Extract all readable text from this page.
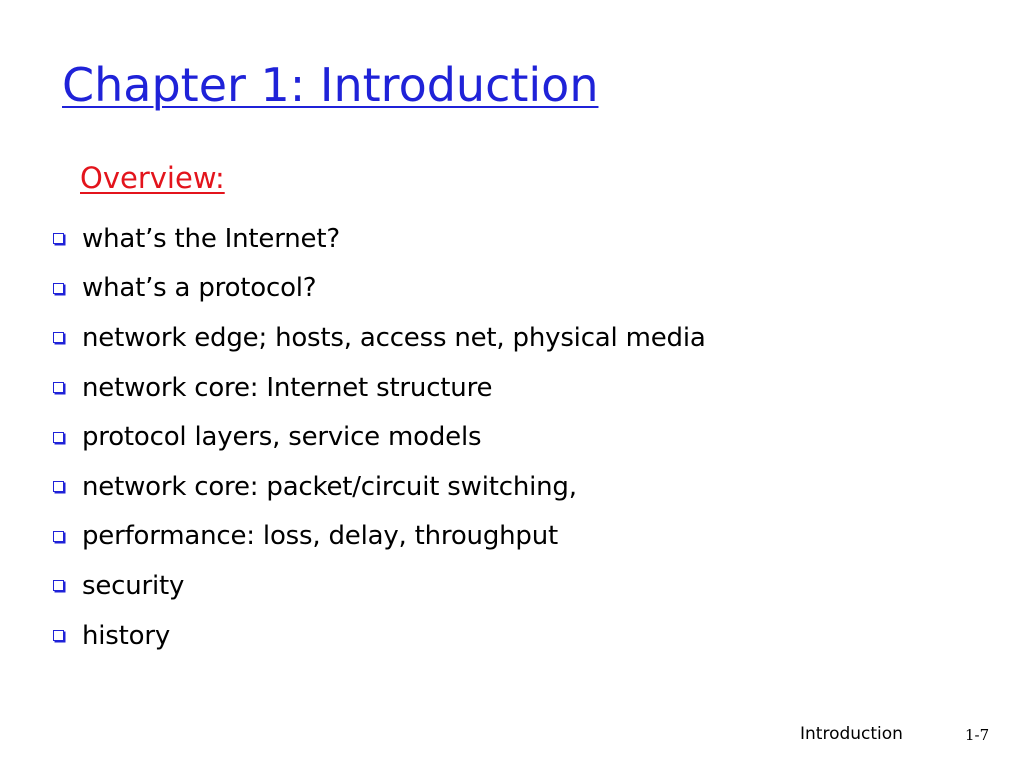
Chapter 1: Introduction
Overview:
what’s the Internet?
what’s a protocol?
network edge; hosts, access net, physical media
network core: Internet structure
protocol layers, service models
network core: packet/circuit switching,
performance: loss, delay, throughput
security
history
Introduction	1-7
